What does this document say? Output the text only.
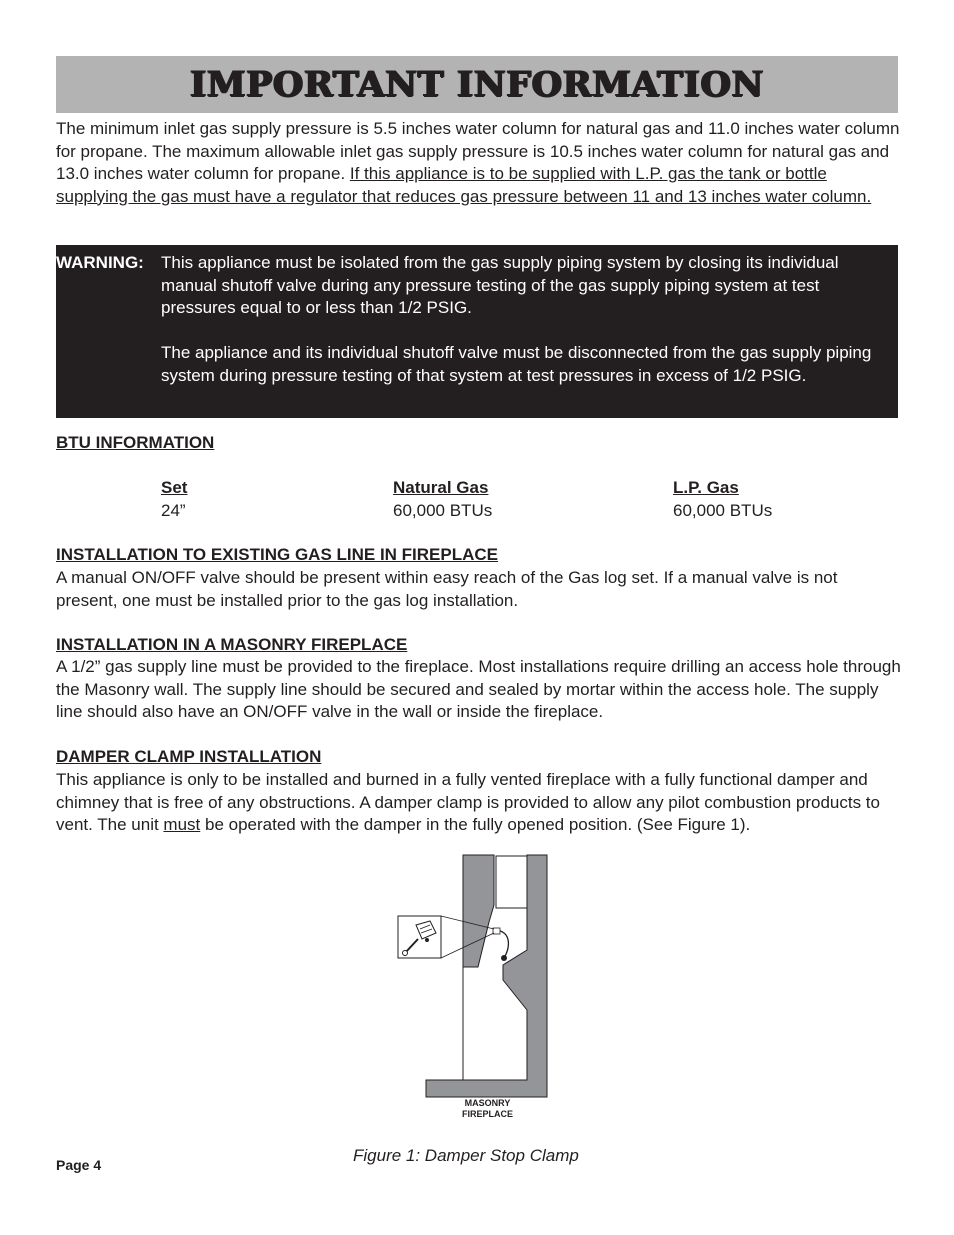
IMPORTANT INFORMATION

The minimum inlet gas supply pressure is 5.5 inches water column for natural gas and 11.0 inches water column for propane. The maximum allowable inlet gas supply pressure is 10.5 inches water column for natural gas and 13.0 inches water column for propane. If this appliance is to be supplied with L.P. gas the tank or bottle supplying the gas must have a regulator that reduces gas pressure between 11 and 13 inches water column.

WARNING: This appliance must be isolated from the gas supply piping system by closing its individual manual shutoff valve during any pressure testing of the gas supply piping system at test pressures equal to or less than 1/2 PSIG.

The appliance and its individual shutoff valve must be disconnected from the gas supply piping system during pressure testing of that system at test pressures in excess of 1/2 PSIG.

BTU INFORMATION

Set
24”
Natural Gas
60,000 BTUs
L.P. Gas
60,000 BTUs

INSTALLATION TO EXISTING GAS LINE IN FIREPLACE

A manual ON/OFF valve should be present within easy reach of the Gas log set. If a manual valve is not present, one must be installed prior to the gas log installation.

INSTALLATION IN A MASONRY FIREPLACE

A 1/2” gas supply line must be provided to the fireplace. Most installations require drilling an access hole through the Masonry wall. The supply line should be secured and sealed by mortar within the access hole. The supply line should also have an ON/OFF valve in the wall or inside the fireplace.

DAMPER CLAMP INSTALLATION

This appliance is only to be installed and burned in a fully vented fireplace with a fully functional damper and chimney that is free of any obstructions. A damper clamp is provided to allow any pilot combustion products to vent. The unit must be operated with the damper in the fully opened position. (See Figure 1).

MASONRY
FIREPLACE
Figure 1: Damper Stop Clamp
Page 4
